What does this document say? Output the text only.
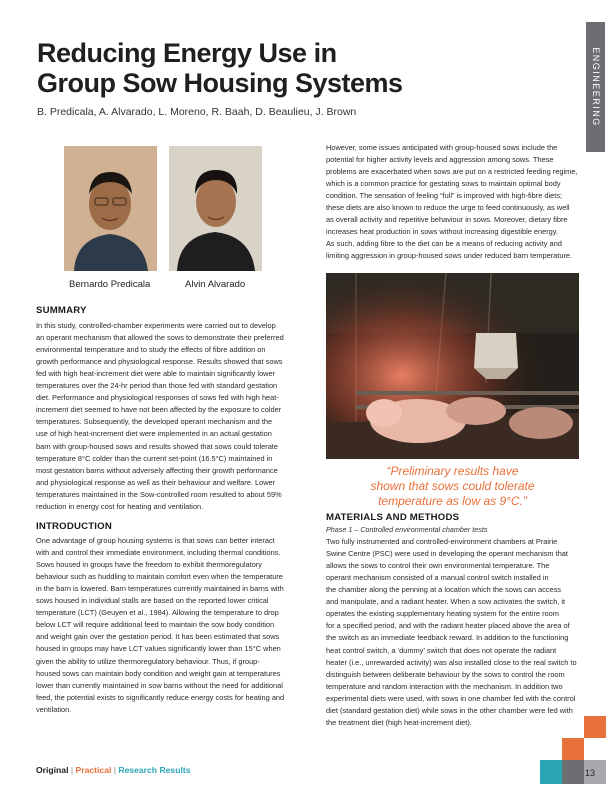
ENGINEERING
Reducing Energy Use in
Group Sow Housing Systems
B. Predicala, A. Alvarado, L. Moreno, R. Baah, D. Beaulieu, J. Brown
Bernardo Predicala	Alvin Alvarado
SUMMARY
In this study, controlled-chamber experiments were carried out to develop
an operant mechanism that allowed the sows to demonstrate their preferred
environmental temperature and to study the effects of fibre addition on
growth performance and physiological response. Results showed that sows
fed with high heat-increment diet were able to maintain significantly lower
temperatures over the 24-hr period than those fed with standard gestation
diet. Performance and physiological responses of sows fed with high heat-
increment diet seemed to have not been affected by the exposure to colder
temperatures. Subsequently, the developed operant mechanism and the
use of high heat-increment diet were implemented in an actual gestation
barn with group-housed sows and results showed that sows could tolerate
temperature 8°C colder than the current set-point (16.5°C) maintained in
most gestation barns without adversely affecting their growth performance
and physiological response as well as their behaviour and welfare. Lower
temperatures maintained in the Sow-controlled room resulted to about 59%
reduction in energy cost for heating and ventilation.
INTRODUCTION
One advantage of group housing systems is that sows can better interact
with and control their immediate environment, including thermal conditions.
Sows housed in groups have the freedom to exhibit thermoregulatory
behaviour such as huddling to maintain comfort even when the temperature
in the barn is lowered. Barn temperatures currently maintained in barns with
sows housed in individual stalls are based on the reported lower critical
temperature (LCT) (Geuyen et al., 1984). Allowing the temperature to drop
below LCT will require additional feed to maintain the sow body condition
and weight gain over the gestation period. It has been estimated that sows
housed in groups may have LCT values significantly lower than 15°C when
given the ability to utilize thermoregulatory behaviour. Thus, if group-
housed sows can maintain body condition and weight gain at temperatures
lower than currently maintained in sow barns without the need for additional
feed, the potential exists to significantly reduce energy costs for heating and
ventilation.
However, some issues anticipated with group-housed sows include the
potential for higher activity levels and aggression among sows. These
problems are exacerbated when sows are put on a restricted feeding regime,
which is a common practice for gestating sows to maintain optimal body
condition. The sensation of feeling “full” is improved with high-fibre diets;
these diets are also known to reduce the urge to feed continuously, as well
as overall activity and repetitive behaviour in sows. Moreover, dietary fibre
increases heat production in sows without increasing digestible energy.
As such, adding fibre to the diet can be a means of reducing activity and
limiting aggression in group-housed sows under reduced barn temperature.
“Preliminary results have
shown that sows could tolerate
temperature as low as 9°C.”
MATERIALS AND METHODS
Phase 1 – Controlled environmental chamber tests
Two fully instrumented and controlled-environment chambers at Prairie
Swine Centre (PSC) were used in developing the operant mechanism that
allows the sows to control their own environmental temperature. The
operant mechanism consisted of a manual control switch installed in
the chamber along the penning at a location which the sows can access
and manipulate, and a radiant heater. When a sow activates the switch, it
operates the existing supplementary heating system for the entire room
for a specified period, and with the radiant heater placed above the area of
the switch as an immediate feedback reward. In addition to the functioning
heat control switch, a ‘dummy’ switch that does not operate the radiant
heater (i.e., unrewarded activity) was also installed close to the real switch to
distinguish between deliberate behaviour by the sows to control the room
temperature and random interaction with the mechanism. In addition two
experimental diets were used, with sows in one chamber fed with the control
diet (standard gestation diet) while sows in the other chamber were fed with
the treatment diet (high heat-increment diet).
Original | Practical | Research Results	13
